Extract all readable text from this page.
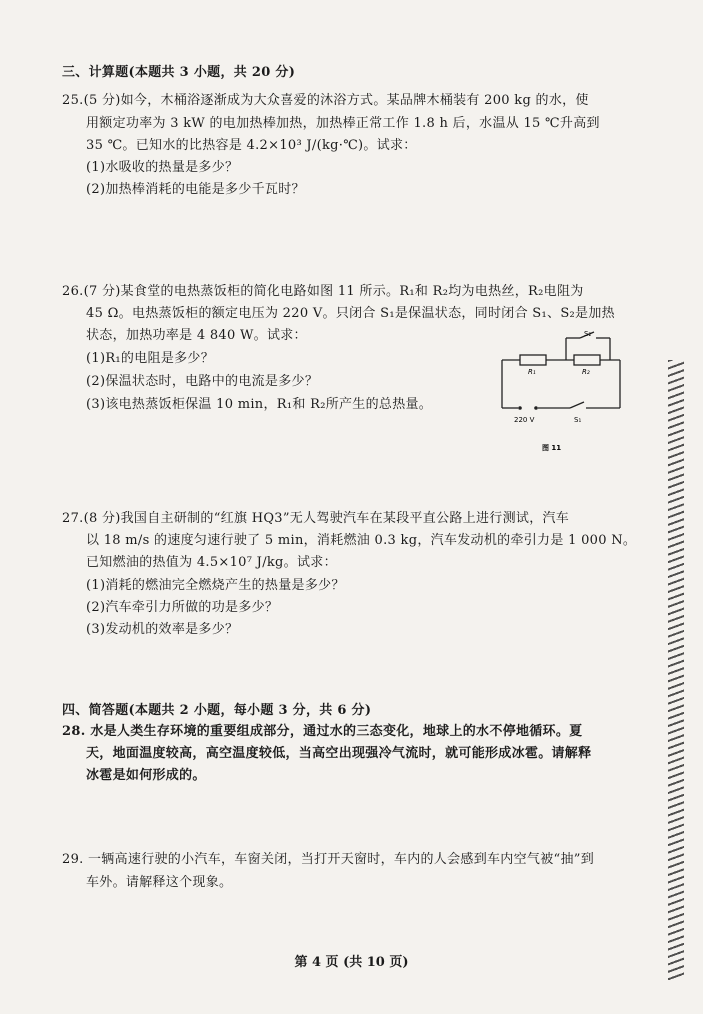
三、计算题(本题共 3 小题，共 20 分)
25.(5 分)如今，木桶浴逐渐成为大众喜爱的沐浴方式。某品牌木桶装有 200 kg 的水，使
用额定功率为 3 kW 的电加热棒加热，加热棒正常工作 1.8 h 后，水温从 15 ℃升高到
35 ℃。已知水的比热容是 4.2×10³ J/(kg·℃)。试求：
(1)水吸收的热量是多少？
(2)加热棒消耗的电能是多少千瓦时？
26.(7 分)某食堂的电热蒸饭柜的简化电路如图 11 所示。R₁和 R₂均为电热丝，R₂电阻为
45 Ω。电热蒸饭柜的额定电压为 220 V。只闭合 S₁是保温状态，同时闭合 S₁、S₂是加热
状态，加热功率是 4 840 W。试求：
(1)R₁的电阻是多少？
(2)保温状态时，电路中的电流是多少？
(3)该电热蒸饭柜保温 10 min，R₁和 R₂所产生的总热量。
R₁	R₂
S₂
S₁
220 V
图 11
27.(8 分)我国自主研制的“红旗 HQ3”无人驾驶汽车在某段平直公路上进行测试，汽车
以 18 m/s 的速度匀速行驶了 5 min，消耗燃油 0.3 kg，汽车发动机的牵引力是 1 000 N。
已知燃油的热值为 4.5×10⁷ J/kg。试求：
(1)消耗的燃油完全燃烧产生的热量是多少？
(2)汽车牵引力所做的功是多少？
(3)发动机的效率是多少？
四、简答题(本题共 2 小题，每小题 3 分，共 6 分)
28. 水是人类生存环境的重要组成部分，通过水的三态变化，地球上的水不停地循环。夏
天，地面温度较高，高空温度较低，当高空出现强冷气流时，就可能形成冰雹。请解释
冰雹是如何形成的。
29. 一辆高速行驶的小汽车，车窗关闭，当打开天窗时，车内的人会感到车内空气被“抽”到
车外。请解释这个现象。
第 4 页 (共 10 页)
